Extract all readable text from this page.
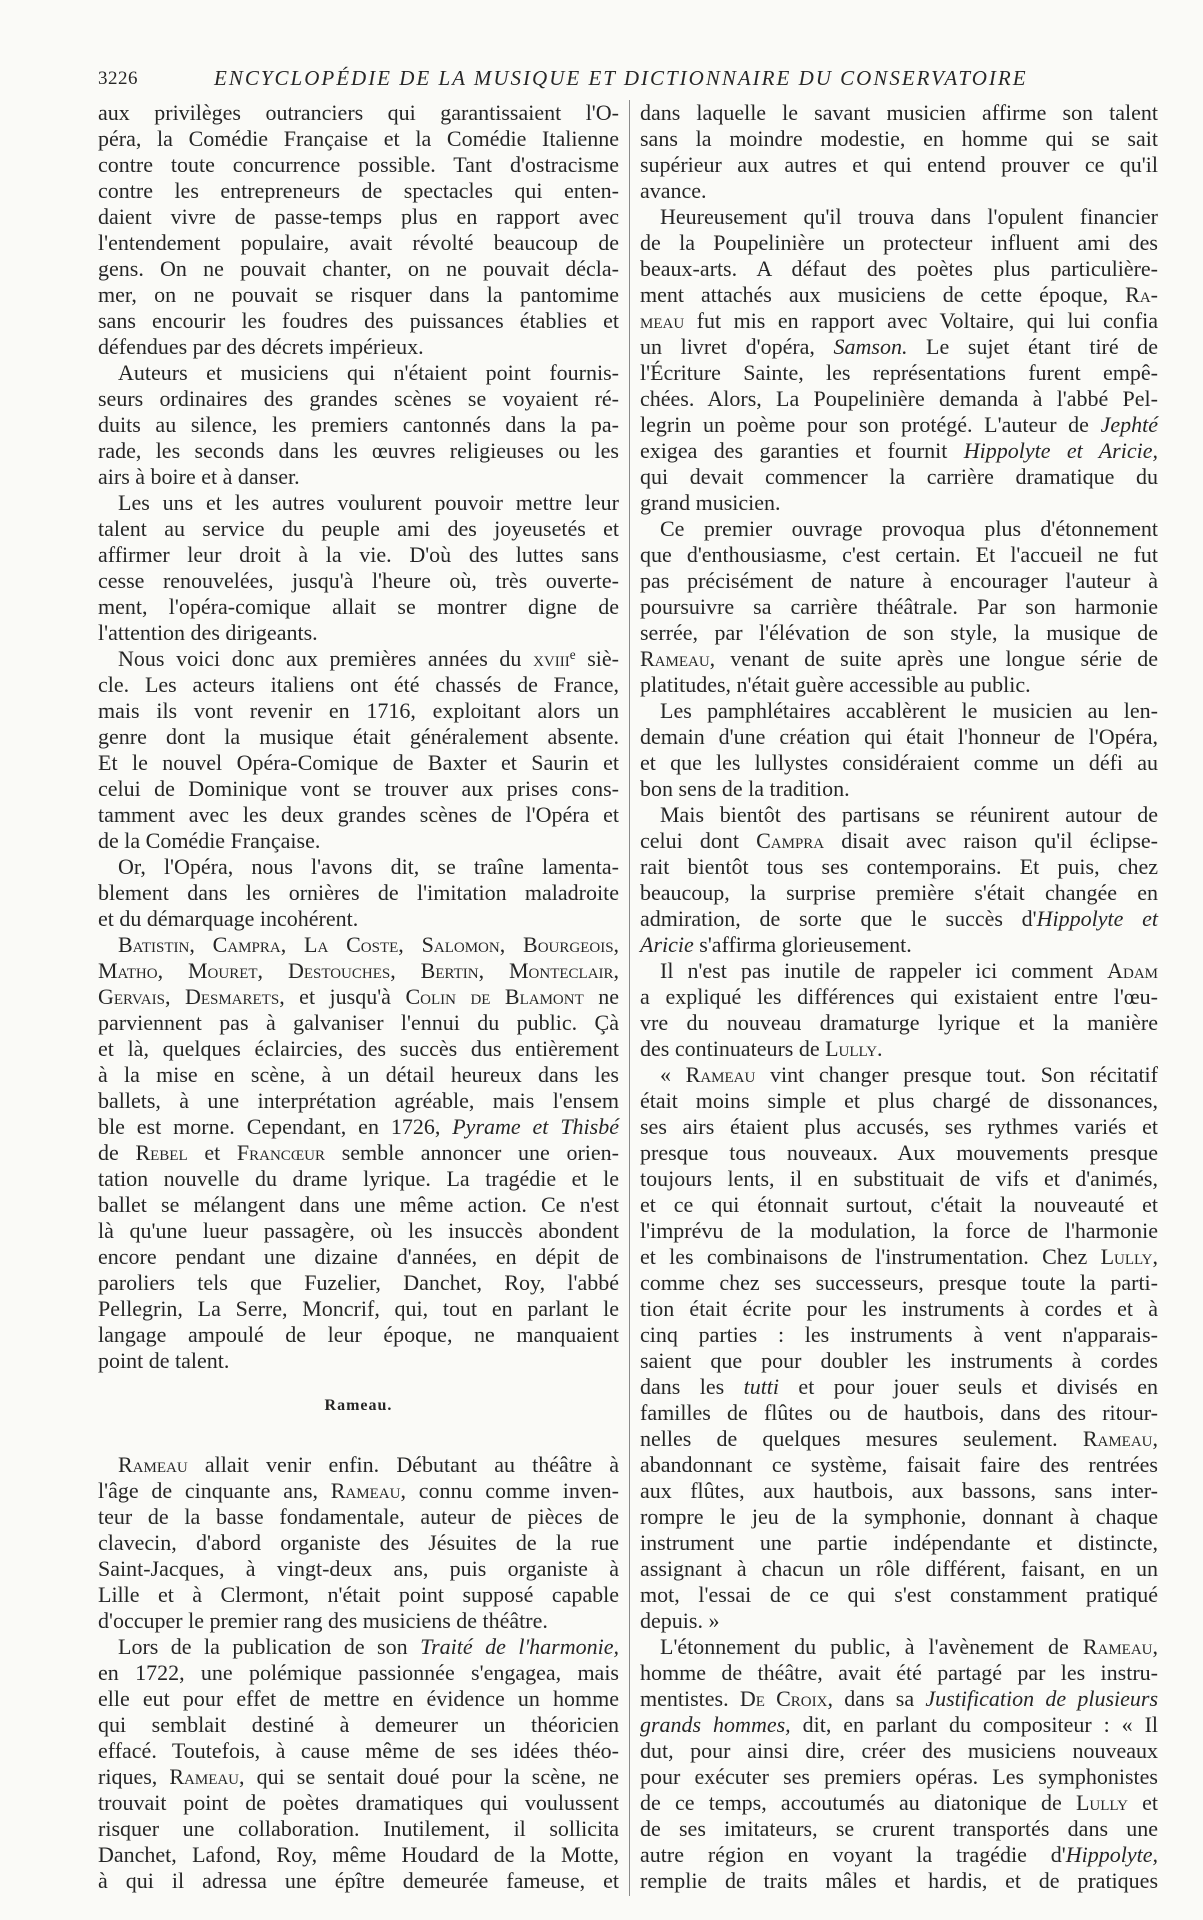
3226	ENCYCLOPÉDIE DE LA MUSIQUE ET DICTIONNAIRE DU CONSERVATOIRE
aux privilèges outranciers qui garantissaient l'O-
péra, la Comédie Française et la Comédie Italienne
contre toute concurrence possible. Tant d'ostracisme
contre les entrepreneurs de spectacles qui enten-
daient vivre de passe-temps plus en rapport avec
l'entendement populaire, avait révolté beaucoup de
gens. On ne pouvait chanter, on ne pouvait décla-
mer, on ne pouvait se risquer dans la pantomime
sans encourir les foudres des puissances établies et
défendues par des décrets impérieux.
Auteurs et musiciens qui n'étaient point fournis-
seurs ordinaires des grandes scènes se voyaient ré-
duits au silence, les premiers cantonnés dans la pa-
rade, les seconds dans les œuvres religieuses ou les
airs à boire et à danser.
Les uns et les autres voulurent pouvoir mettre leur
talent au service du peuple ami des joyeusetés et
affirmer leur droit à la vie. D'où des luttes sans
cesse renouvelées, jusqu'à l'heure où, très ouverte-
ment, l'opéra-comique allait se montrer digne de
l'attention des dirigeants.
Nous voici donc aux premières années du xviii$^e$ siè-
cle. Les acteurs italiens ont été chassés de France,
mais ils vont revenir en 1716, exploitant alors un
genre dont la musique était généralement absente.
Et le nouvel Opéra-Comique de Baxter et Saurin et
celui de Dominique vont se trouver aux prises cons-
tamment avec les deux grandes scènes de l'Opéra et
de la Comédie Française.
Or, l'Opéra, nous l'avons dit, se traîne lamenta-
blement dans les ornières de l'imitation maladroite
et du démarquage incohérent.
Batistin, Campra, La Coste, Salomon, Bourgeois,
Matho, Mouret, Destouches, Bertin, Monteclair,
Gervais, Desmarets, et jusqu'à Colin de Blamont ne
parviennent pas à galvaniser l'ennui du public. Çà
et là, quelques éclaircies, des succès dus entièrement
à la mise en scène, à un détail heureux dans les
ballets, à une interprétation agréable, mais l'ensem
ble est morne. Cependant, en 1726, Pyrame et Thisbé
de Rebel et Francœur semble annoncer une orien-
tation nouvelle du drame lyrique. La tragédie et le
ballet se mélangent dans une même action. Ce n'est
là qu'une lueur passagère, où les insuccès abondent
encore pendant une dizaine d'années, en dépit de
paroliers tels que Fuzelier, Danchet, Roy, l'abbé
Pellegrin, La Serre, Moncrif, qui, tout en parlant le
langage ampoulé de leur époque, ne manquaient
point de talent.
Rameau.
Rameau allait venir enfin. Débutant au théâtre à
l'âge de cinquante ans, Rameau, connu comme inven-
teur de la basse fondamentale, auteur de pièces de
clavecin, d'abord organiste des Jésuites de la rue
Saint-Jacques, à vingt-deux ans, puis organiste à
Lille et à Clermont, n'était point supposé capable
d'occuper le premier rang des musiciens de théâtre.
Lors de la publication de son Traité de l'harmonie,
en 1722, une polémique passionnée s'engagea, mais
elle eut pour effet de mettre en évidence un homme
qui semblait destiné à demeurer un théoricien
effacé. Toutefois, à cause même de ses idées théo-
riques, Rameau, qui se sentait doué pour la scène, ne
trouvait point de poètes dramatiques qui voulussent
risquer une collaboration. Inutilement, il sollicita
Danchet, Lafond, Roy, même Houdard de la Motte,
à qui il adressa une épître demeurée fameuse, et
dans laquelle le savant musicien affirme son talent
sans la moindre modestie, en homme qui se sait
supérieur aux autres et qui entend prouver ce qu'il
avance.
Heureusement qu'il trouva dans l'opulent financier
de la Poupelinière un protecteur influent ami des
beaux-arts. A défaut des poètes plus particulière-
ment attachés aux musiciens de cette époque, Ra-
meau fut mis en rapport avec Voltaire, qui lui confia
un livret d'opéra, Samson. Le sujet étant tiré de
l'Écriture Sainte, les représentations furent empê-
chées. Alors, La Poupelinière demanda à l'abbé Pel-
legrin un poème pour son protégé. L'auteur de Jephté
exigea des garanties et fournit Hippolyte et Aricie,
qui devait commencer la carrière dramatique du
grand musicien.
Ce premier ouvrage provoqua plus d'étonnement
que d'enthousiasme, c'est certain. Et l'accueil ne fut
pas précisément de nature à encourager l'auteur à
poursuivre sa carrière théâtrale. Par son harmonie
serrée, par l'élévation de son style, la musique de
Rameau, venant de suite après une longue série de
platitudes, n'était guère accessible au public.
Les pamphlétaires accablèrent le musicien au len-
demain d'une création qui était l'honneur de l'Opéra,
et que les lullystes considéraient comme un défi au
bon sens de la tradition.
Mais bientôt des partisans se réunirent autour de
celui dont Campra disait avec raison qu'il éclipse-
rait bientôt tous ses contemporains. Et puis, chez
beaucoup, la surprise première s'était changée en
admiration, de sorte que le succès d'Hippolyte et
Aricie s'affirma glorieusement.
Il n'est pas inutile de rappeler ici comment Adam
a expliqué les différences qui existaient entre l'œu-
vre du nouveau dramaturge lyrique et la manière
des continuateurs de Lully.
« Rameau vint changer presque tout. Son récitatif
était moins simple et plus chargé de dissonances,
ses airs étaient plus accusés, ses rythmes variés et
presque tous nouveaux. Aux mouvements presque
toujours lents, il en substituait de vifs et d'animés,
et ce qui étonnait surtout, c'était la nouveauté et
l'imprévu de la modulation, la force de l'harmonie
et les combinaisons de l'instrumentation. Chez Lully,
comme chez ses successeurs, presque toute la parti-
tion était écrite pour les instruments à cordes et à
cinq parties : les instruments à vent n'apparais-
saient que pour doubler les instruments à cordes
dans les tutti et pour jouer seuls et divisés en
familles de flûtes ou de hautbois, dans des ritour-
nelles de quelques mesures seulement. Rameau,
abandonnant ce système, faisait faire des rentrées
aux flûtes, aux hautbois, aux bassons, sans inter-
rompre le jeu de la symphonie, donnant à chaque
instrument une partie indépendante et distincte,
assignant à chacun un rôle différent, faisant, en un
mot, l'essai de ce qui s'est constamment pratiqué
depuis. »
L'étonnement du public, à l'avènement de Rameau,
homme de théâtre, avait été partagé par les instru-
mentistes. De Croix, dans sa Justification de plusieurs
grands hommes, dit, en parlant du compositeur : « Il
dut, pour ainsi dire, créer des musiciens nouveaux
pour exécuter ses premiers opéras. Les symphonistes
de ce temps, accoutumés au diatonique de Lully et
de ses imitateurs, se crurent transportés dans une
autre région en voyant la tragédie d'Hippolyte,
remplie de traits mâles et hardis, et de pratiques
